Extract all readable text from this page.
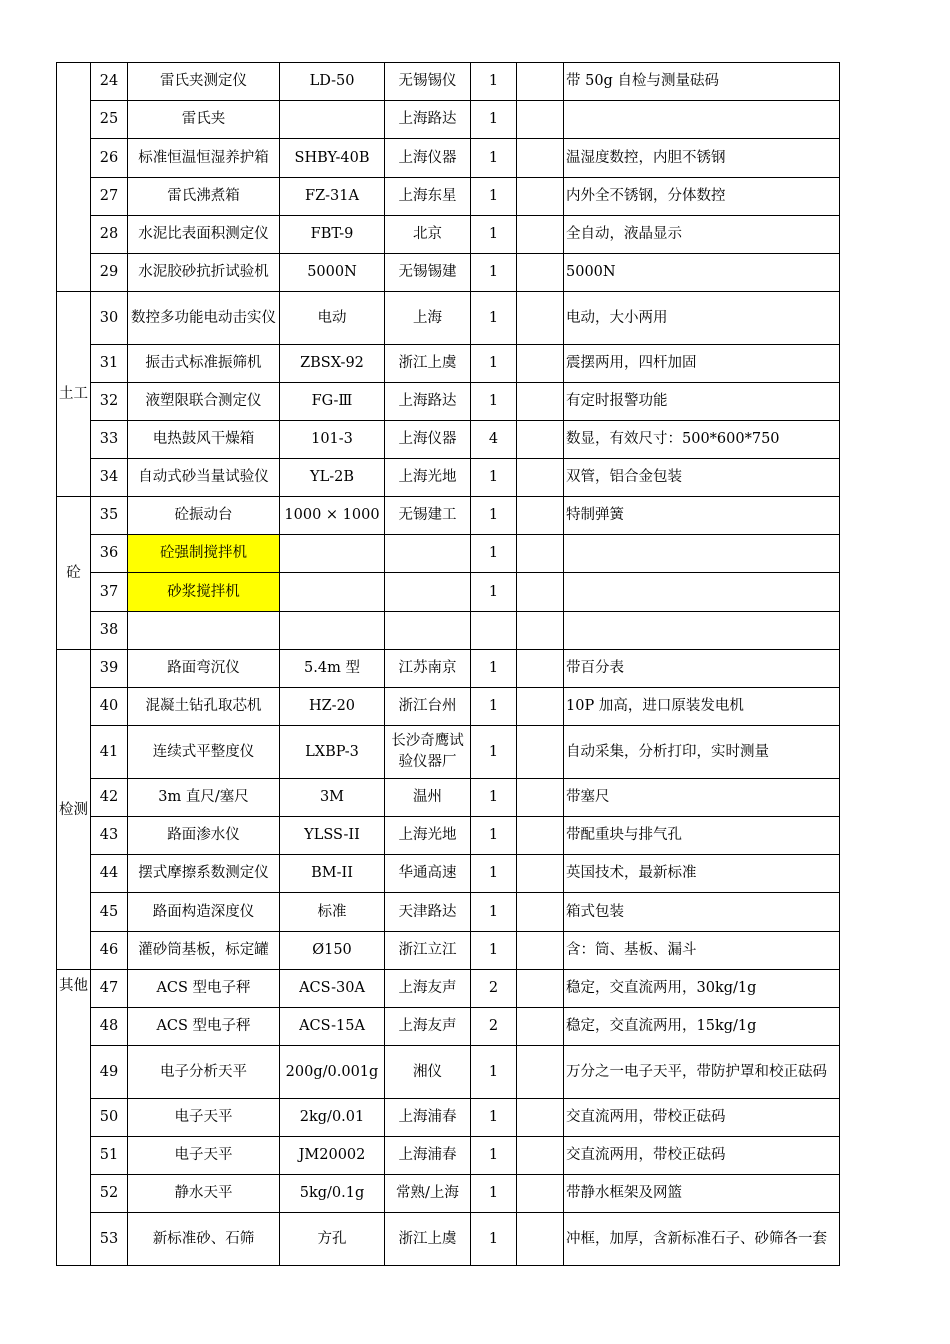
	24	雷氏夹测定仪	LD-50	无锡锡仪	1		带 50g 自检与测量砝码
	25	雷氏夹		上海路达	1		
	26	标准恒温恒湿养护箱	SHBY-40B	上海仪器	1		温湿度数控，内胆不锈钢
	27	雷氏沸煮箱	FZ-31A	上海东星	1		内外全不锈钢，分体数控
	28	水泥比表面积测定仪	FBT-9	北京	1		全自动，液晶显示
	29	水泥胶砂抗折试验机	5000N	无锡锡建	1		5000N
土工	30	数控多功能电动击实仪	电动	上海	1		电动，大小两用
	31	振击式标准振筛机	ZBSX-92	浙江上虞	1		震摆两用，四杆加固
	32	液塑限联合测定仪	FG-Ⅲ	上海路达	1		有定时报警功能
	33	电热鼓风干燥箱	101-3	上海仪器	4		数显，有效尺寸：500*600*750
	34	自动式砂当量试验仪	YL-2B	上海光地	1		双管，铝合金包装
砼	35	砼振动台	1000 × 1000	无锡建工	1		特制弹簧
	36	砼强制搅拌机			1		
	37	砂浆搅拌机			1		
	38						
检测	39	路面弯沉仪	5.4m 型	江苏南京	1		带百分表
	40	混凝土钻孔取芯机	HZ-20	浙江台州	1		10P 加高，进口原装发电机
	41	连续式平整度仪	LXBP-3	长沙奇鹰试验仪器厂	1		自动采集，分析打印，实时测量
	42	3m 直尺/塞尺	3M	温州	1		带塞尺
	43	路面渗水仪	YLSS-II	上海光地	1		带配重块与排气孔
	44	摆式摩擦系数测定仪	BM-II	华通高速	1		英国技术，最新标准
	45	路面构造深度仪	标准	天津路达	1		箱式包装
	46	灌砂筒基板，标定罐	Ø150	浙江立江	1		含：筒、基板、漏斗
其他	47	ACS 型电子秤	ACS-30A	上海友声	2		稳定，交直流两用，30kg/1g
	48	ACS 型电子秤	ACS-15A	上海友声	2		稳定，交直流两用，15kg/1g
	49	电子分析天平	200g/0.001g	湘仪	1		万分之一电子天平，带防护罩和校正砝码
	50	电子天平	2kg/0.01	上海浦春	1		交直流两用，带校正砝码
	51	电子天平	JM20002	上海浦春	1		交直流两用，带校正砝码
	52	静水天平	5kg/0.1g	常熟/上海	1		带静水框架及网篮
	53	新标准砂、石筛	方孔	浙江上虞	1		冲框，加厚，含新标准石子、砂筛各一套
